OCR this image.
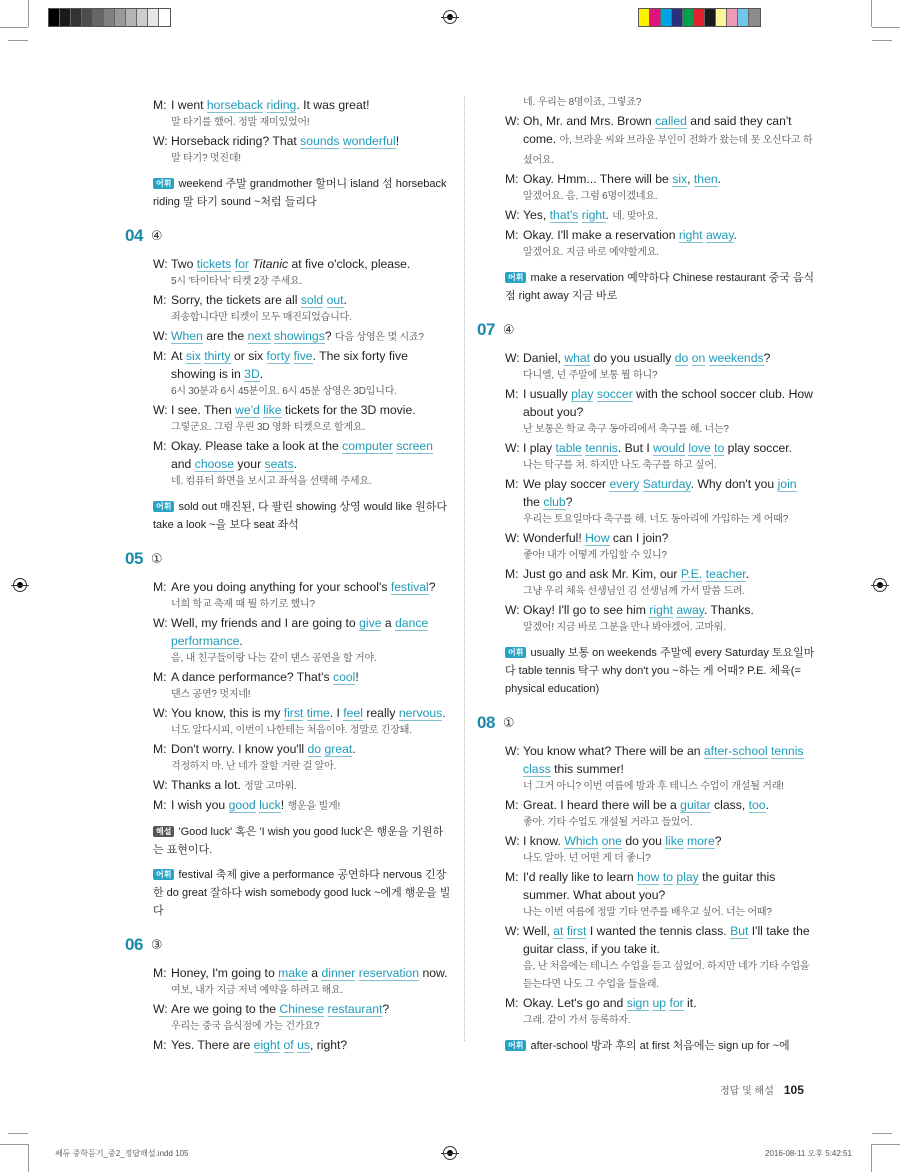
M: I went horseback riding. It was great!
말 타기를 했어. 정말 재미있었어!
W: Horseback riding? That sounds wonderful!
말 타기? 멋진데!
어휘 weekend 주말 grandmother 할머니 island 섬 horseback riding 말 타기 sound ~처럼 들리다
04 ④
W: Two tickets for Titanic at five o'clock, please.
5시 '타이타닉' 티켓 2장 주세요.
M: Sorry, the tickets are all sold out.
죄송합니다만 티켓이 모두 매진되었습니다.
W: When are the next showings? 다음 상영은 몇 시죠?
M: At six thirty or six forty five. The six forty five showing is in 3D.
6시 30분과 6시 45분이요. 6시 45분 상영은 3D입니다.
W: I see. Then we'd like tickets for the 3D movie.
그렇군요. 그럼 우린 3D 영화 티켓으로 할게요.
M: Okay. Please take a look at the computer screen and choose your seats.
네. 컴퓨터 화면을 보시고 좌석을 선택해 주세요.
어휘 sold out 매진된, 다 팔린 showing 상영 would like 원하다 take a look ~을 보다 seat 좌석
05 ①
M: Are you doing anything for your school's festival?
너희 학교 축제 때 뭘 하기로 했니?
W: Well, my friends and I are going to give a dance performance.
음, 내 친구들이랑 나는 같이 댄스 공연을 할 거야.
M: A dance performance? That's cool!
댄스 공연? 멋지네!
W: You know, this is my first time. I feel really nervous.
너도 알다시피, 이번이 나한테는 처음이야. 정말로 긴장돼.
M: Don't worry. I know you'll do great.
걱정하지 마. 난 네가 잘할 거란 걸 알아.
W: Thanks a lot. 정말 고마워.
M: I wish you good luck! 행운을 빌게!
해설 'Good luck' 혹은 'I wish you good luck'은 행운을 기원하는 표현이다.
어휘 festival 축제 give a performance 공연하다 nervous 긴장한 do great 잘하다 wish somebody good luck ~에게 행운을 빌다
06 ③
M: Honey, I'm going to make a dinner reservation now.
여보, 내가 지금 저녁 예약을 하려고 해요.
W: Are we going to the Chinese restaurant?
우리는 중국 음식점에 가는 건가요?
M: Yes. There are eight of us, right?
네. 우리는 8명이죠, 그렇죠?
W: Oh, Mr. and Mrs. Brown called and said they can't come. 아, 브라운 씨와 브라운 부인이 전화가 왔는데 못 오신다고 하셨어요.
M: Okay. Hmm... There will be six, then.
알겠어요. 음, 그럼 6명이겠네요.
W: Yes, that's right. 네. 맞아요.
M: Okay. I'll make a reservation right away.
알겠어요. 지금 바로 예약할게요.
어휘 make a reservation 예약하다 Chinese restaurant 중국 음식점 right away 지금 바로
07 ④
W: Daniel, what do you usually do on weekends?
다니엘, 넌 주말에 보통 뭘 하니?
M: I usually play soccer with the school soccer club. How about you?
난 보통은 학교 축구 동아리에서 축구를 해. 너는?
W: I play table tennis. But I would love to play soccer.
나는 탁구를 쳐. 하지만 나도 축구를 하고 싶어.
M: We play soccer every Saturday. Why don't you join the club?
우리는 토요일마다 축구를 해. 너도 동아리에 가입하는 게 어때?
W: Wonderful! How can I join?
좋아! 내가 어떻게 가입할 수 있니?
M: Just go and ask Mr. Kim, our P.E. teacher.
그냥 우리 체육 선생님인 김 선생님께 가서 말씀 드려.
W: Okay! I'll go to see him right away. Thanks.
알겠어! 지금 바로 그분을 만나 봐야겠어. 고마워.
어휘 usually 보통 on weekends 주말에 every Saturday 토요일마다 table tennis 탁구 why don't you ~하는 게 어때? P.E. 체육(= physical education)
08 ①
W: You know what? There will be an after-school tennis class this summer!
너 그거 아니? 이번 여름에 방과 후 테니스 수업이 개설될 거래!
M: Great. I heard there will be a guitar class, too.
좋아. 기타 수업도 개설될 거라고 들었어.
W: I know. Which one do you like more?
나도 알아. 넌 어떤 게 더 좋니?
M: I'd really like to learn how to play the guitar this summer. What about you?
나는 이번 여름에 정말 기타 연주를 배우고 싶어. 너는 어때?
W: Well, at first I wanted the tennis class. But I'll take the guitar class, if you take it.
음, 난 처음에는 테니스 수업을 듣고 싶었어. 하지만 네가 기타 수업을 듣는다면 나도 그 수업을 들을래.
M: Okay. Let's go and sign up for it.
그래. 같이 가서 등록하자.
어휘 after-school 방과 후의 at first 처음에는 sign up for ~에
정답 및 해설 105
쎄듀 중학듣기_중2_정답해설.indd 105	2016-08-11 오후 5:42:51
